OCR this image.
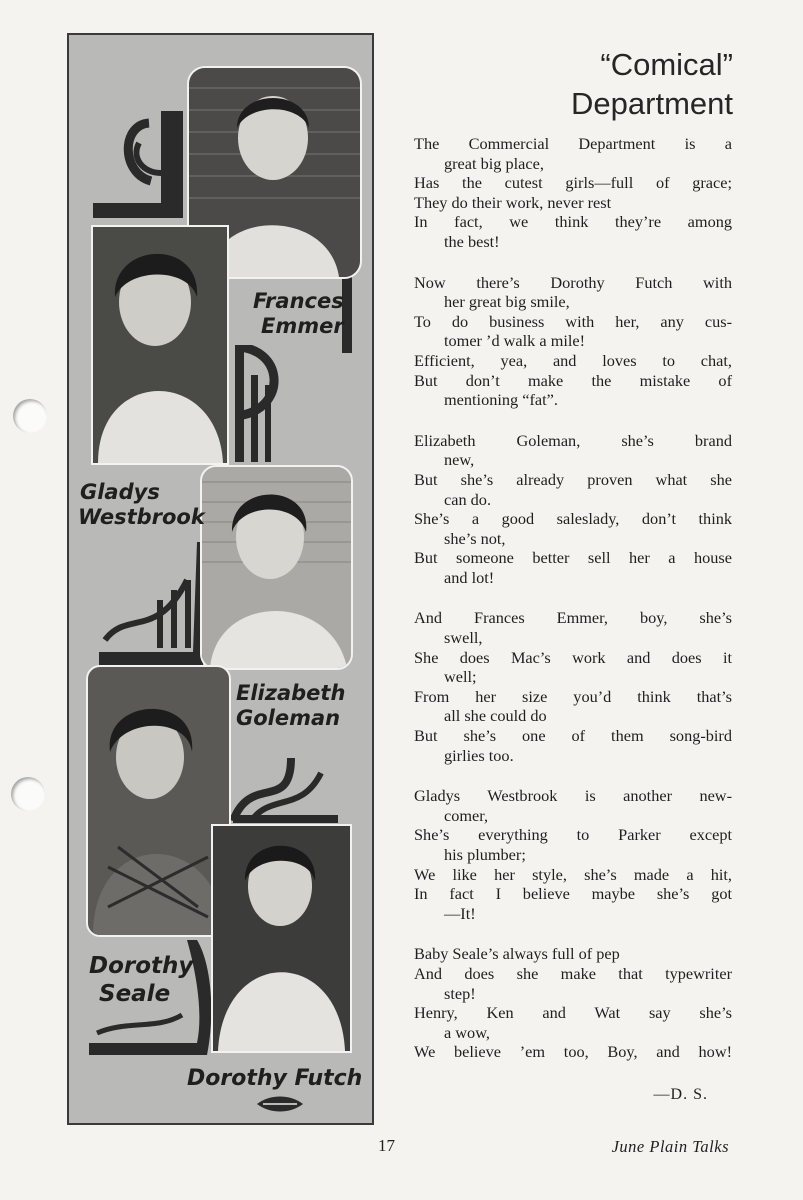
Frances
Emmer
Gladys
Westbrook
Elizabeth
Goleman
Dorothy
Seale
Dorothy Futch
“Comical”
Department
The Commercial Department is a
great big place,
Has the cutest girls—full of grace;
They do their work, never rest
In fact, we think they’re among
the best!
Now there’s Dorothy Futch with
her great big smile,
To do business with her, any cus-
tomer ’d walk a mile!
Efficient, yea, and loves to chat,
But don’t make the mistake of
mentioning “fat”.
Elizabeth Goleman, she’s brand
new,
But she’s already proven what she
can do.
She’s a good saleslady, don’t think
she’s not,
But someone better sell her a house
and lot!
And Frances Emmer, boy, she’s
swell,
She does Mac’s work and does it
well;
From her size you’d think that’s
all she could do
But she’s one of them song-bird
girlies too.
Gladys Westbrook is another new-
comer,
She’s everything to Parker except
his plumber;
We like her style, she’s made a hit,
In fact I believe maybe she’s got
—It!
Baby Seale’s always full of pep
And does she make that typewriter
step!
Henry, Ken and Wat say she’s
a wow,
We believe ’em too, Boy, and how!
—D. S.
17	June Plain Talks
